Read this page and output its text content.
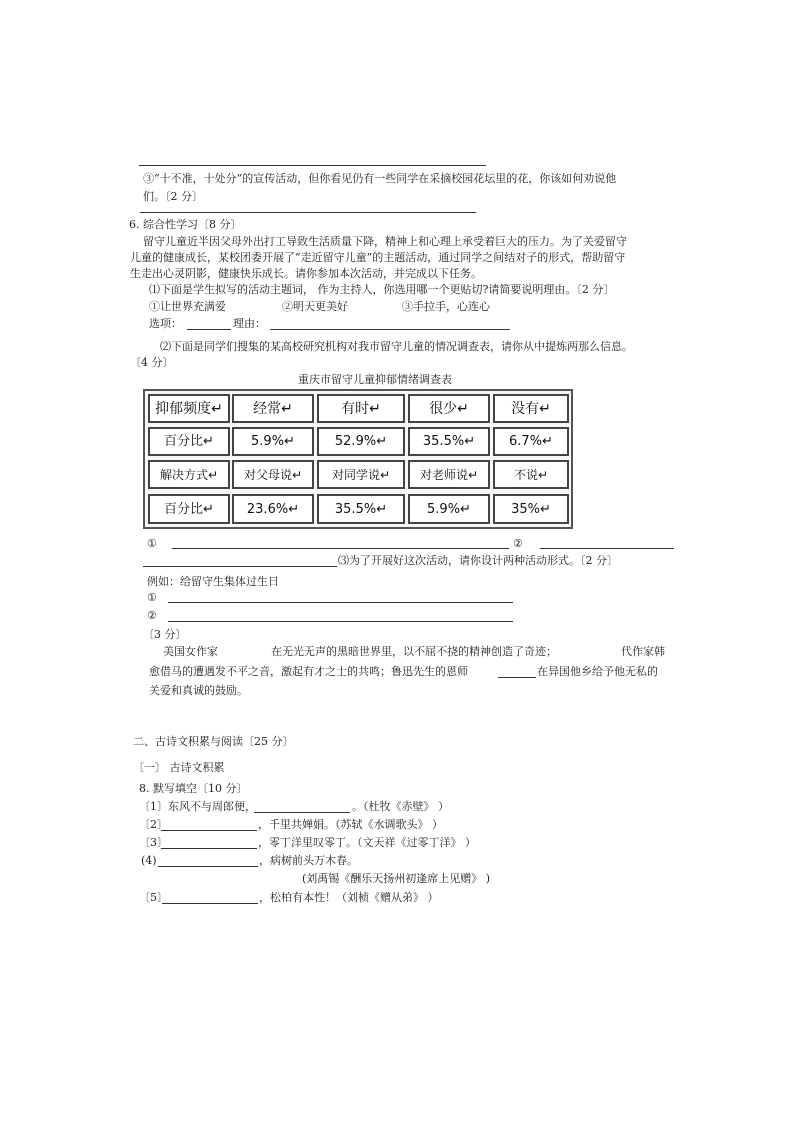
③“十不准，十处分”的宣传活动，但你看见仍有一些同学在采摘校园花坛里的花，你该如何劝说他
们。〔2 分〕
6. 综合性学习〔8 分〕
留守儿童近半因父母外出打工导致生活质量下降，精神上和心理上承受着巨大的压力。为了关爱留守
儿童的健康成长，某校团委开展了“走近留守儿童”的主题活动，通过同学之间结对子的形式，帮助留守
生走出心灵阴影，健康快乐成长。请你参加本次活动，并完成以下任务。
⑴下面是学生拟写的活动主题词， 作为主持人，你选用哪一个更贴切?请简要说明理由。〔2 分〕
①让世界充满爱	②明天更美好	③手拉手，心连心
选项：	理由：
⑵下面是同学们搜集的某高校研究机构对我市留守儿童的情况调查表，请你从中提炼两那么信息。
〔4 分〕
重庆市留守儿童抑郁情绪调查表
抑郁频度↵	经常↵	有时↵	很少↵	没有↵
百分比↵	5.9%↵	52.9%↵	35.5%↵	6.7%↵
解决方式↵	对父母说↵	对同学说↵	对老师说↵	不说↵
百分比↵	23.6%↵	35.5%↵	5.9%↵	35%↵
①	②
⑶为了开展好这次活动，请你设计两种活动形式。〔2 分〕
例如：给留守生集体过生日
①
②
〔3 分〕
美国女作家	在无光无声的黑暗世界里，以不屈不挠的精神创造了奇迹；	代作家韩
愈借马的遭遇发不平之音，激起有才之士的共鸣；鲁迅先生的恩师	在异国他乡给予他无私的
关爱和真诚的鼓励。
二、古诗文积累与阅读〔25 分〕
〔一〕 古诗文积累
8. 默写填空〔10 分〕
〔1〕东风不与周郎便，	。（杜牧《赤壁》 ）
〔2〕	，千里共婵娟。（苏轼《水调歌头》 ）
〔3〕	，零丁洋里叹零丁。（文天祥《过零丁洋》 ）
(4)	，病树前头万木春。
(刘禹锡《酬乐天扬州初逢席上见赠》 )
〔5〕	，松柏有本性！（刘桢《赠从弟》 ）
